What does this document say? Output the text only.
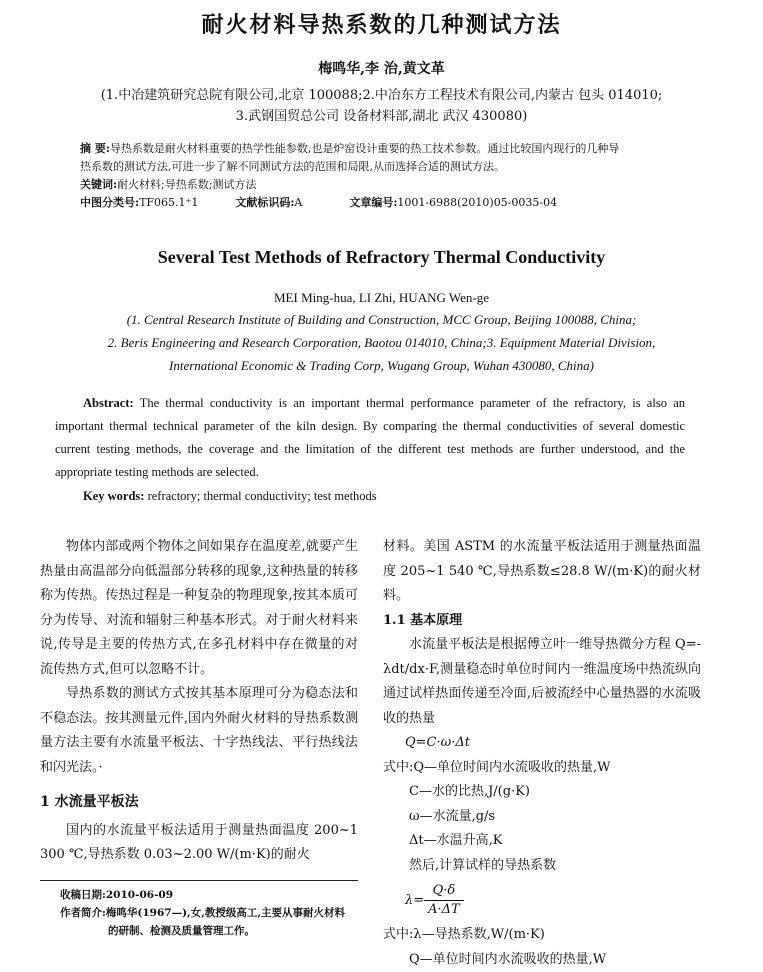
耐火材料导热系数的几种测试方法
梅鸣华,李 治,黄文革
(1.中冶建筑研究总院有限公司,北京 100088;2.中冶东方工程技术有限公司,内蒙古 包头 014010;
3.武钢国贸总公司 设备材料部,湖北 武汉 430080)
摘 要:导热系数是耐火材料重要的热学性能参数,也是炉窑设计重要的热工技术参数。通过比较国内现行的几种导
热系数的测试方法,可进一步了解不同测试方法的范围和局限,从而选择合适的测试方法。
关键词:耐火材料;导热系数;测试方法
中图分类号:TF065.1⁺1	文献标识码:A	文章编号:1001-6988(2010)05-0035-04
Several Test Methods of Refractory Thermal Conductivity
MEI Ming-hua, LI Zhi, HUANG Wen-ge
(1. Central Research Institute of Building and Construction, MCC Group, Beijing 100088, China;
2. Beris Engineering and Research Corporation, Baotou 014010, China;3. Equipment Material Division,
International Economic & Trading Corp, Wugang Group, Wuhan 430080, China)
Abstract: The thermal conductivity is an important thermal performance parameter of the refractory, is also an important thermal technical parameter of the kiln design. By comparing the thermal conductivities of several domestic current testing methods, the coverage and the limitation of the different test methods are further understood, and the appropriate testing methods are selected.
Key words: refractory; thermal conductivity; test methods

物体内部或两个物体之间如果存在温度差,就要产生热量由高温部分向低温部分转移的现象,这种热量的转移称为传热。传热过程是一种复杂的物理现象,按其本质可分为传导、对流和辐射三种基本形式。对于耐火材料来说,传导是主要的传热方式,在多孔材料中存在微量的对流传热方式,但可以忽略不计。

导热系数的测试方式按其基本原理可分为稳态法和不稳态法。按其测量元件,国内外耐火材料的导热系数测量方法主要有水流量平板法、十字热线法、平行热线法和闪光法。·

1 水流量平板法

国内的水流量平板法适用于测量热面温度 200~1 300 ℃,导热系数 0.03~2.00 W/(m·K)的耐火

收稿日期:2010-06-09
作者简介:梅鸣华(1967—),女,教授级高工,主要从事耐火材料
的研制、检测及质量管理工作。

材料。美国 ASTM 的水流量平板法适用于测量热面温度 205~1 540 ℃,导热系数≤28.8 W/(m·K)的耐火材料。

1.1 基本原理

水流量平板法是根据傅立叶一维导热微分方程 Q=-λdt/dx·F,测量稳态时单位时间内一维温度场中热流纵向通过试样热面传递至冷面,后被流经中心量热器的水流吸收的热量

Q=C·ω·Δt

式中:Q—单位时间内水流吸收的热量,W

C—水的比热,J/(g·K)

ω—水流量,g/s

Δt—水温升高,K

然后,计算试样的导热系数

$\lambda= \frac{Q\cdot\delta}{A\cdot\Delta T}$

式中:λ—导热系数,W/(m·K)

Q—单位时间内水流吸收的热量,W
